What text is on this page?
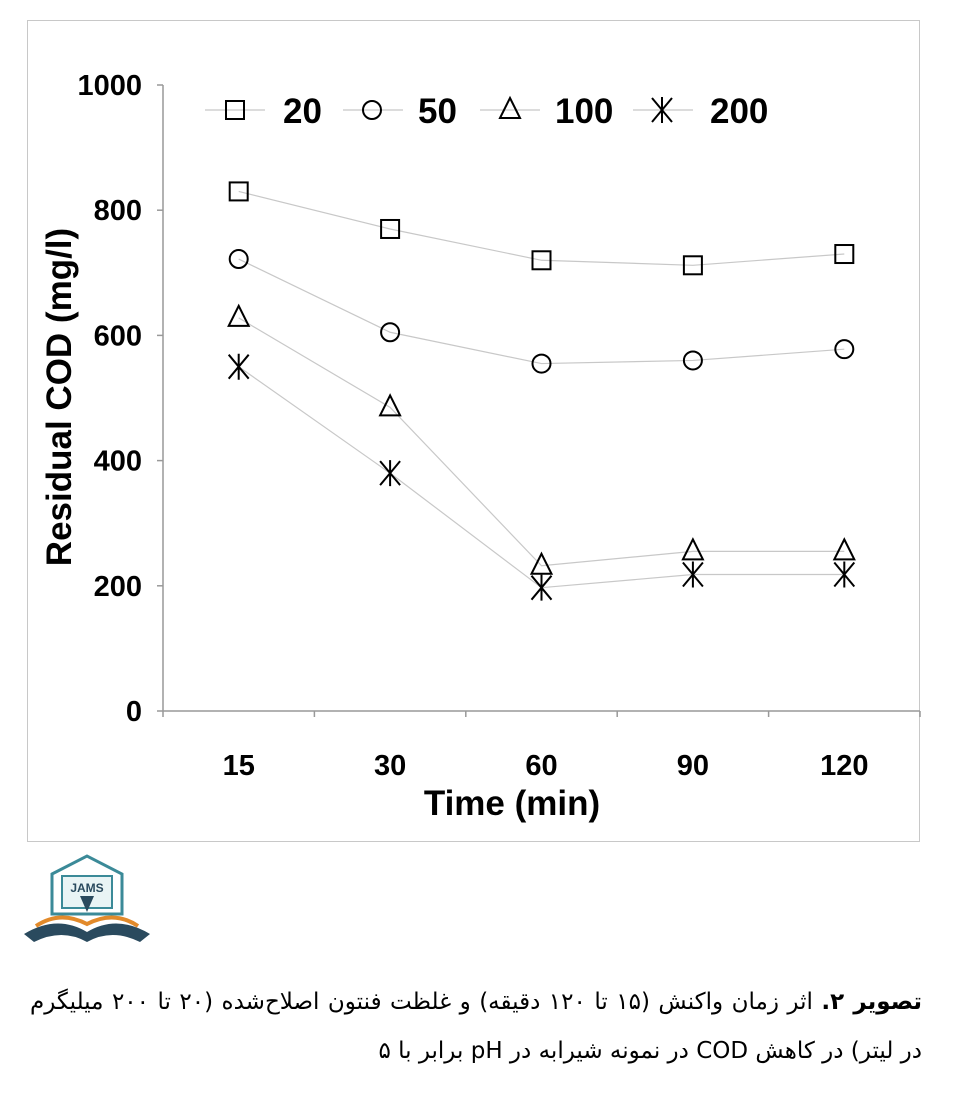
0
200
400
600
800
1000
15	30	60	90	120
20	50	100	200
Time (min)
Residual COD (mg/l)
JAMS
تصویر ۲. اثر زمان واکنش (۱۵ تا ۱۲۰ دقیقه) و غلظت فنتون اصلاح‌شده (۲۰ تا ۲۰۰ میلیگرم در لیتر) در کاهش COD در نمونه شیرابه در pH برابر با ۵
